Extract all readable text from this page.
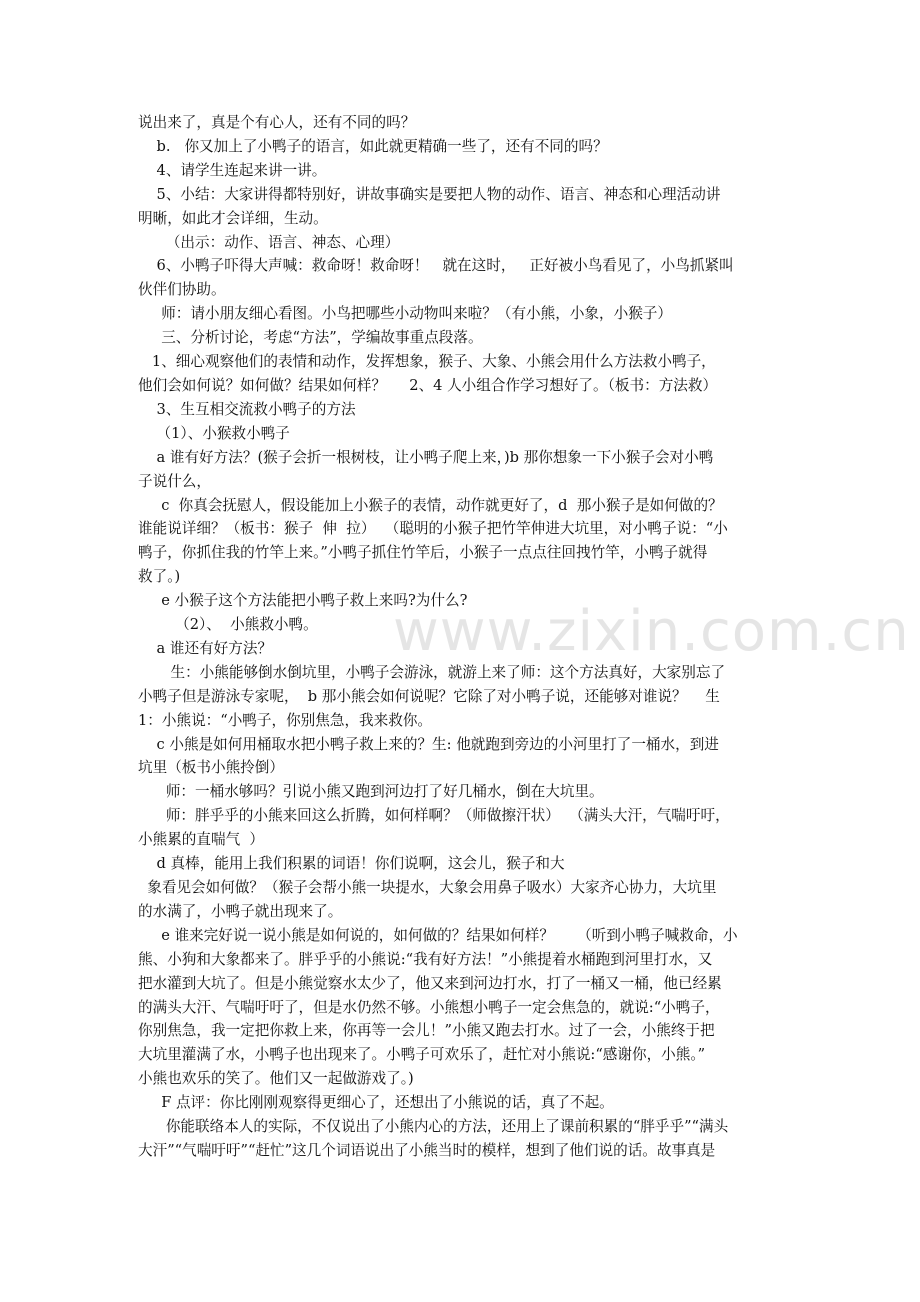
说出来了，真是个有心人，还有不同的吗？

b.   你又加上了小鸭子的语言，如此就更精确一些了，还有不同的吗？

4、请学生连起来讲一讲。

5、小结：大家讲得都特别好，讲故事确实是要把人物的动作、语言、神态和心理活动讲

明晰，如此才会详细，生动。

（出示：动作、语言、神态、心理）

6、小鸭子吓得大声喊：救命呀！救命呀！   就在这时，   正好被小鸟看见了，小鸟抓紧叫

伙伴们协助。

师：请小朋友细心看图。小鸟把哪些小动物叫来啦？（有小熊，小象，小猴子）

三、分析讨论，考虑“方法”，学编故事重点段落。

1、细心观察他们的表情和动作，发挥想象，猴子、大象、小熊会用什么方法救小鸭子，

他们会如何说？如何做？结果如何样？     2、4 人小组合作学习想好了。（板书：方法救）

3、生互相交流救小鸭子的方法

（1）、小猴救小鸭子

a 谁有好方法？(猴子会折一根树枝，让小鸭子爬上来，)b 那你想象一下小猴子会对小鸭

子说什么，

c  你真会抚慰人，假设能加上小猴子的表情，动作就更好了，d  那小猴子是如何做的？

谁能说详细？（板书：猴子  伸  拉）  （聪明的小猴子把竹竿伸进大坑里，对小鸭子说：“小

鸭子，你抓住我的竹竿上来。”小鸭子抓住竹竿后，小猴子一点点往回拽竹竿，小鸭子就得

救了。)

e 小猴子这个方法能把小鸭子救上来吗?为什么?

（2）、  小熊救小鸭。

a 谁还有好方法？

生：小熊能够倒水倒坑里，小鸭子会游泳，就游上来了师：这个方法真好，大家别忘了

小鸭子但是游泳专家呢，  b 那小熊会如何说呢？它除了对小鸭子说，还能够对谁说？    生

1：小熊说：“小鸭子，你别焦急，我来救你。

c 小熊是如何用桶取水把小鸭子救上来的？生: 他就跑到旁边的小河里打了一桶水，到进

坑里（板书小熊拎倒）

师：一桶水够吗？引说小熊又跑到河边打了好几桶水，倒在大坑里。

师：胖乎乎的小熊来回这么折腾，如何样啊？（师做擦汗状）  （满头大汗，气喘吁吁，

小熊累的直喘气  ）

d 真棒，能用上我们积累的词语！你们说啊，这会儿，猴子和大

象看见会如何做？（猴子会帮小熊一块提水，大象会用鼻子吸水）大家齐心协力，大坑里

的水满了，小鸭子就出现来了。

e 谁来完好说一说小熊是如何说的，如何做的？结果如何样？     （听到小鸭子喊救命，小

熊、小狗和大象都来了。胖乎乎的小熊说:“我有好方法！”小熊提着水桶跑到河里打水，又

把水灌到大坑了。但是小熊觉察水太少了，他又来到河边打水，打了一桶又一桶，他已经累

的满头大汗、气喘吁吁了，但是水仍然不够。小熊想小鸭子一定会焦急的，就说:“小鸭子，

你别焦急，我一定把你救上来，你再等一会儿！”小熊又跑去打水。过了一会，小熊终于把

大坑里灌满了水，小鸭子也出现来了。小鸭子可欢乐了，赶忙对小熊说:“感谢你，小熊。”

小熊也欢乐的笑了。他们又一起做游戏了。)

F 点评：你比刚刚观察得更细心了，还想出了小熊说的话，真了不起。

你能联络本人的实际，不仅说出了小熊内心的方法，还用上了课前积累的“胖乎乎”“满头

大汗”“气喘吁吁”“赶忙”这几个词语说出了小熊当时的模样，想到了他们说的话。故事真是

www.zixin.com.cn
